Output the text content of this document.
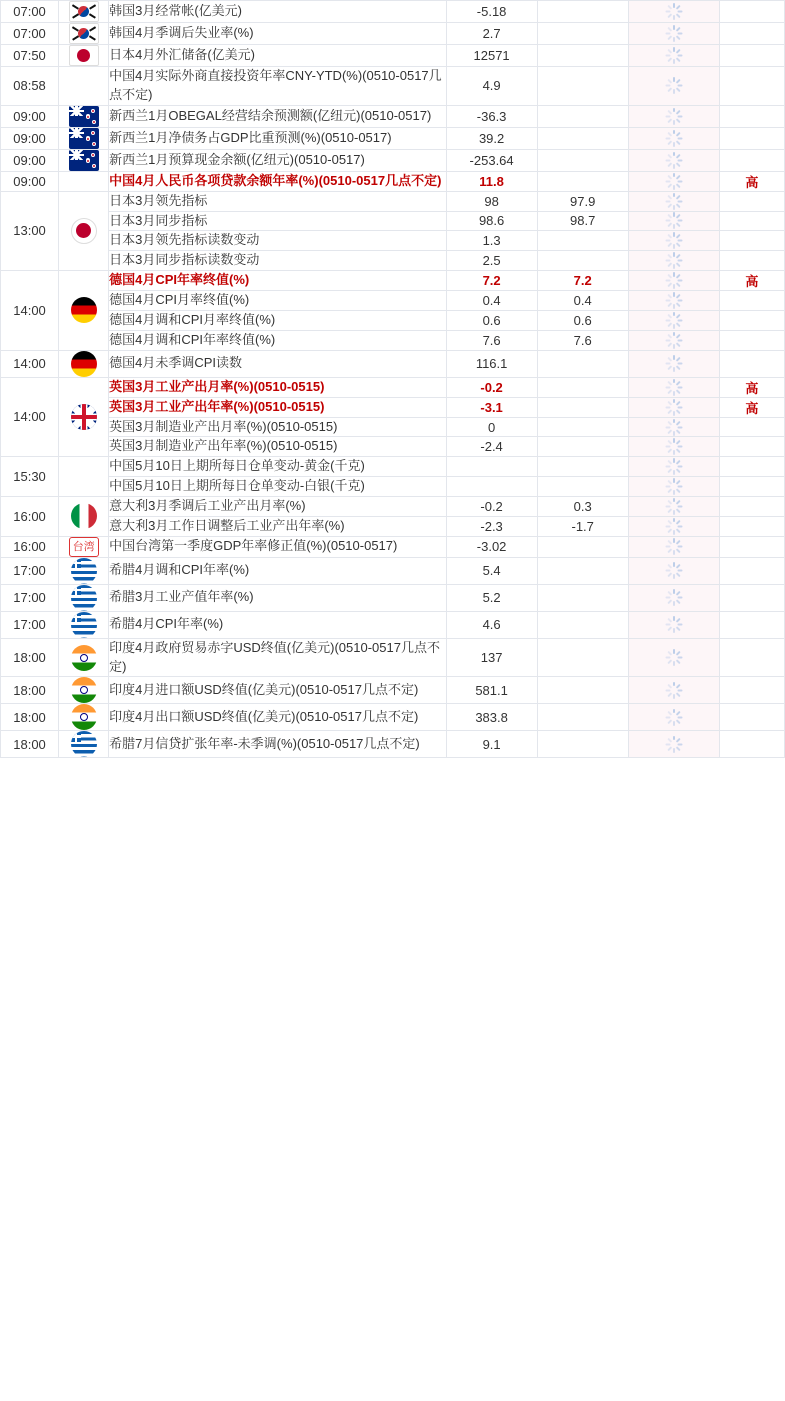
07:00		韩国3月经常帐(亿美元)	-5.18		

07:00		韩国4月季调后失业率(%)	2.7		

07:50		日本4月外汇储备(亿美元)	12571		

08:58		中国4月实际外商直接投资年率CNY-YTD(%)(0510-0517几点不定)	4.9		

09:00		新西兰1月OBEGAL经营结余预测额(亿纽元)(0510-0517)	-36.3		

09:00		新西兰1月净债务占GDP比重预测(%)(0510-0517)	39.2		

09:00		新西兰1月预算现金余额(亿纽元)(0510-0517)	-253.64		

09:00		中国4月人民币各项贷款余额年率(%)(0510-0517几点不定)	11.8			高
13:00		日本3月领先指标	98	97.9	

		日本3月同步指标	98.6	98.7	

		日本3月领先指标读数变动	1.3		

		日本3月同步指标读数变动	2.5		

14:00		德国4月CPI年率终值(%)	7.2	7.2		高
		德国4月CPI月率终值(%)	0.4	0.4	

		德国4月调和CPI月率终值(%)	0.6	0.6	

		德国4月调和CPI年率终值(%)	7.6	7.6	

14:00		德国4月未季调CPI读数	116.1		

14:00		英国3月工业产出月率(%)(0510-0515)	-0.2			高
		英国3月工业产出年率(%)(0510-0515)	-3.1			高
		英国3月制造业产出月率(%)(0510-0515)	0		

		英国3月制造业产出年率(%)(0510-0515)	-2.4		

15:30		中国5月10日上期所每日仓单变动-黄金(千克)			

		中国5月10日上期所每日仓单变动-白银(千克)			

16:00		意大利3月季调后工业产出月率(%)	-0.2	0.3	

		意大利3月工作日调整后工业产出年率(%)	-2.3	-1.7	

16:00	台湾	中国台湾第一季度GDP年率修正值(%)(0510-0517)	-3.02		

17:00		希腊4月调和CPI年率(%)	5.4		

17:00		希腊3月工业产值年率(%)	5.2		

17:00		希腊4月CPI年率(%)	4.6		

18:00		印度4月政府贸易赤字USD终值(亿美元)(0510-0517几点不定)	137		

18:00		印度4月进口额USD终值(亿美元)(0510-0517几点不定)	581.1		

18:00		印度4月出口额USD终值(亿美元)(0510-0517几点不定)	383.8		

18:00		希腊7月信贷扩张年率-未季调(%)(0510-0517几点不定)	9.1		
